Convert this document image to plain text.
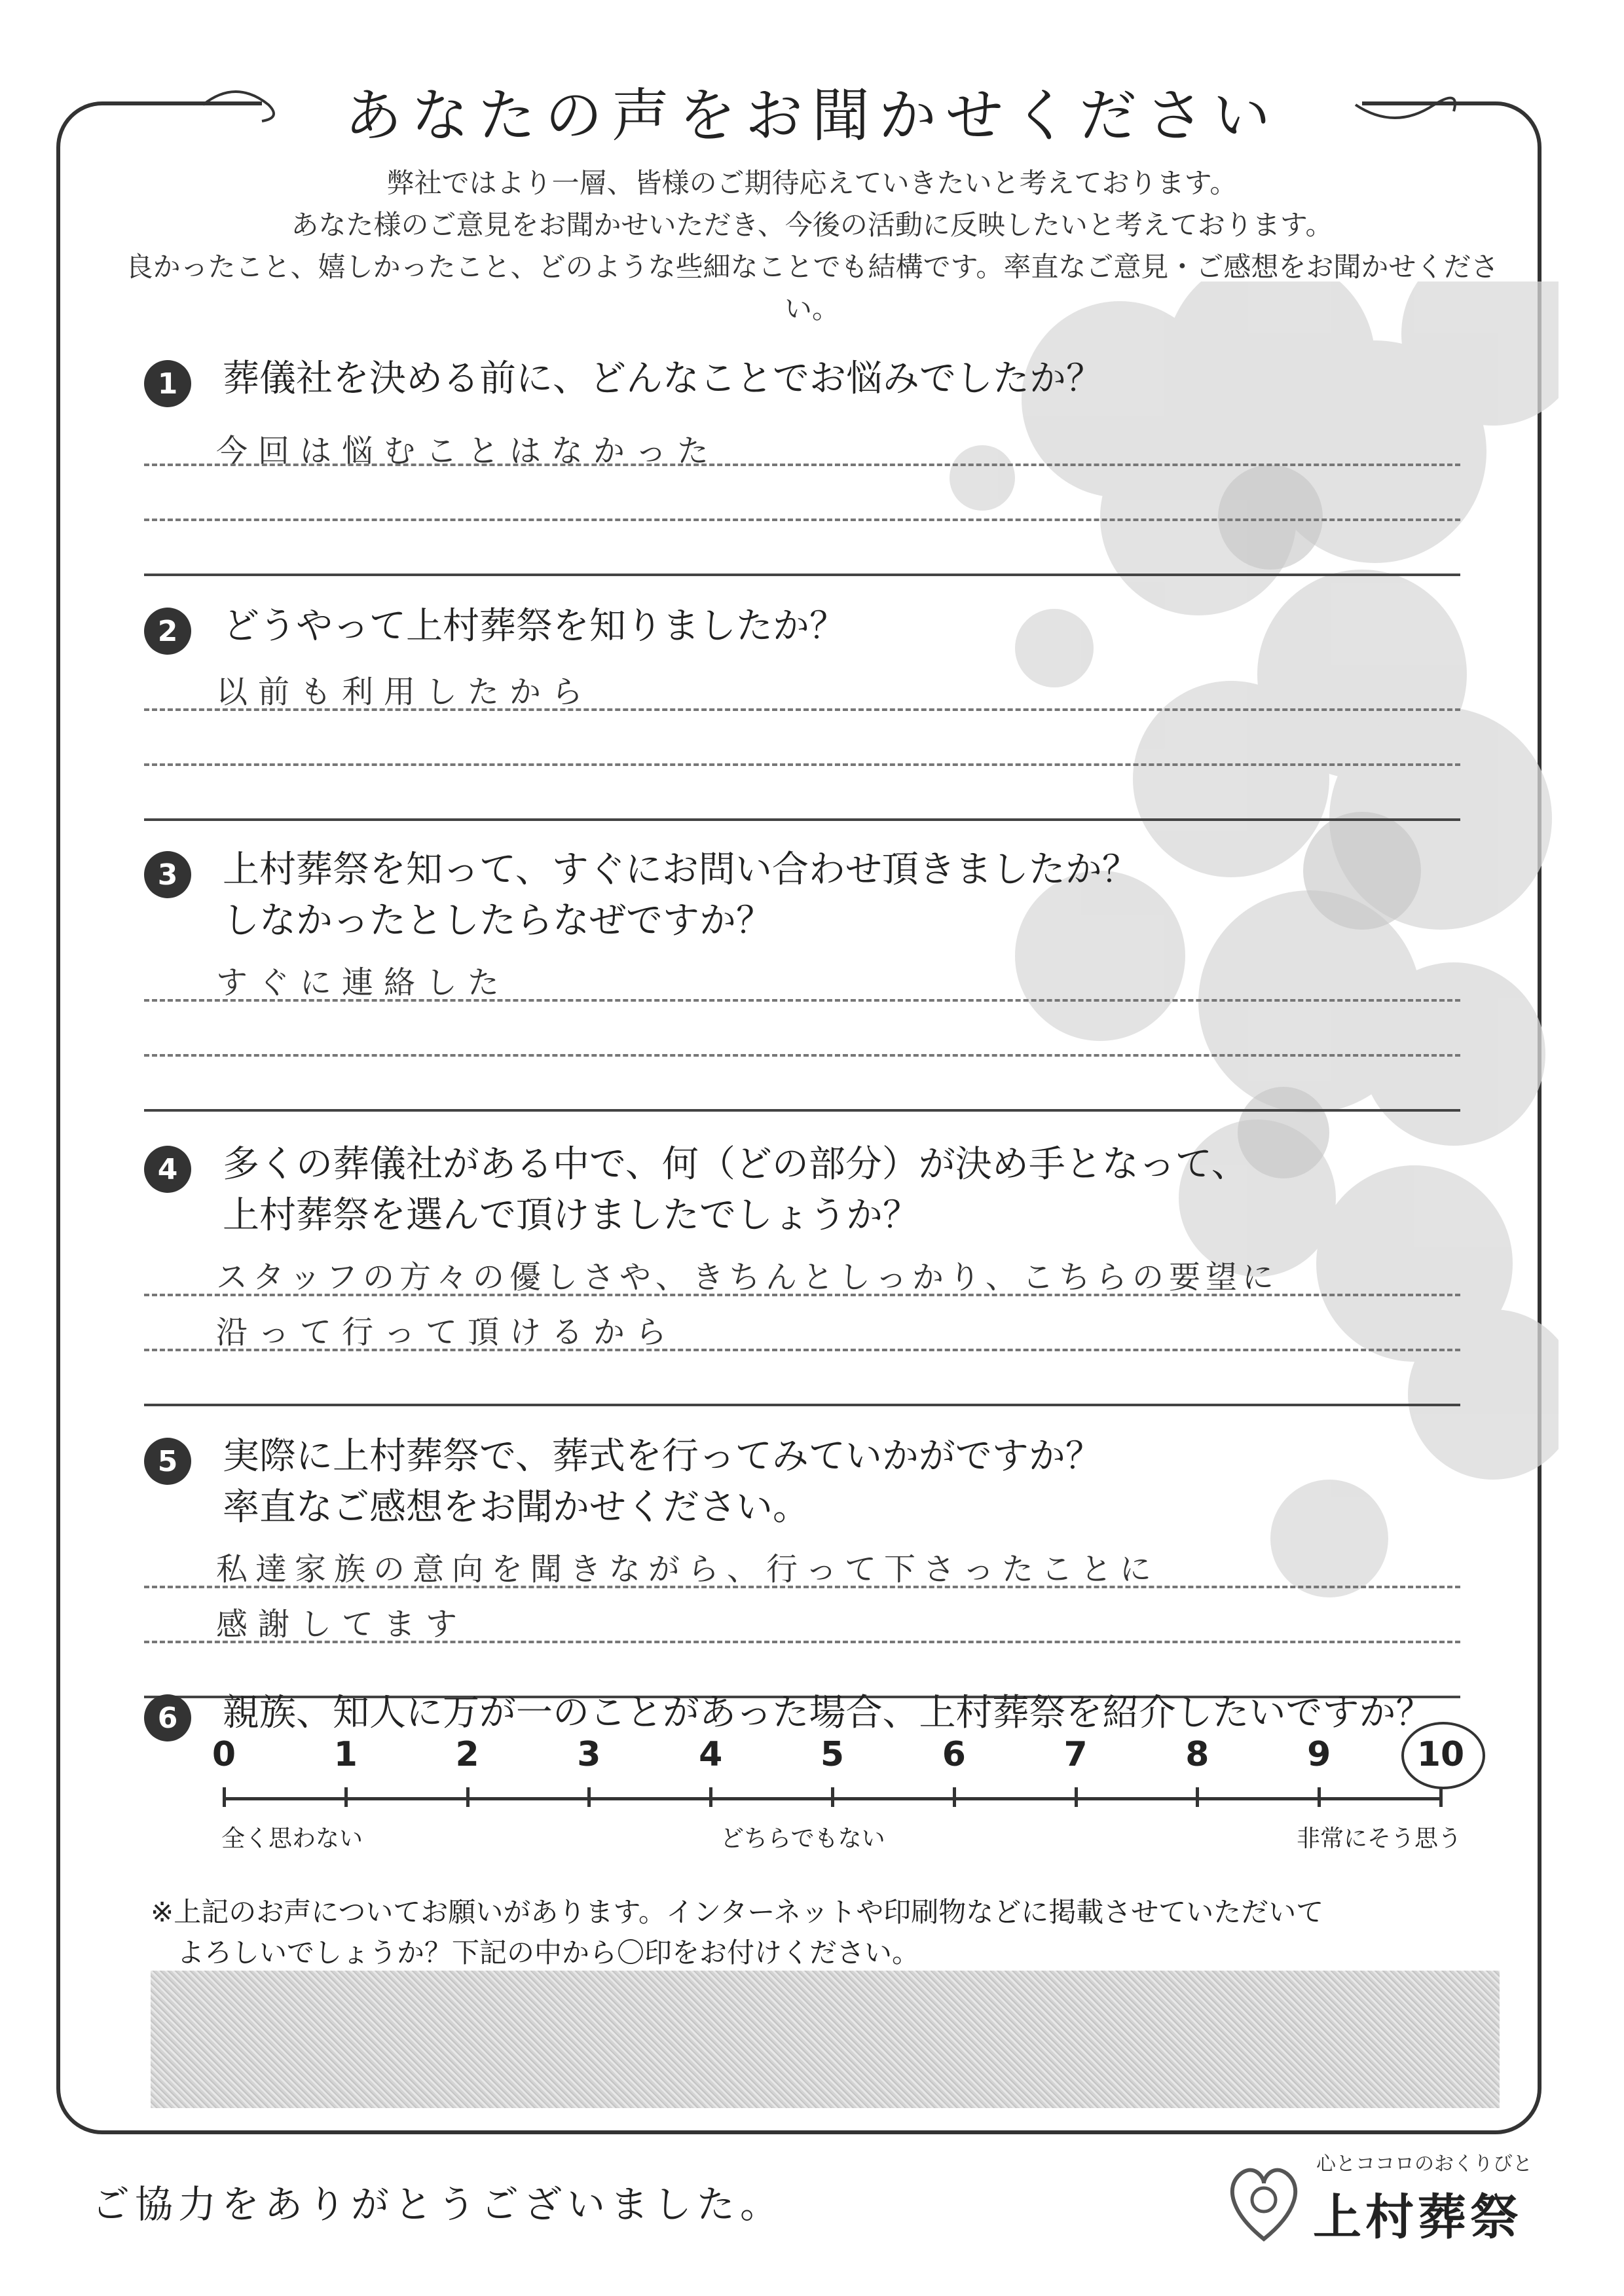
あなたの声をお聞かせください
弊社ではより一層、皆様のご期待応えていきたいと考えております。
あなた様のご意見をお聞かせいただき、今後の活動に反映したいと考えております。
良かったこと、嬉しかったこと、どのような些細なことでも結構です。率直なご意見・ご感想をお聞かせください。
1	葬儀社を決める前に、どんなことでお悩みでしたか？
今回は悩むことはなかった
2	どうやって上村葬祭を知りましたか？
以前も利用したから
3	上村葬祭を知って、すぐにお問い合わせ頂きましたか？
しなかったとしたらなぜですか？
すぐに連絡した
4	多くの葬儀社がある中で、何（どの部分）が決め手となって、
上村葬祭を選んで頂けましたでしょうか？
スタッフの方々の優しさや、きちんとしっかり、こちらの要望に
沿って行って頂けるから
5	実際に上村葬祭で、葬式を行ってみていかがですか？
率直なご感想をお聞かせください。
私達家族の意向を聞きながら、行って下さったことに
感謝してます
6	親族、知人に万が一のことがあった場合、上村葬祭を紹介したいですか？
0	1	2	3	4	5	6	7	8	9	10
全く思わない	どちらでもない	非常にそう思う
※上記のお声についてお願いがあります。インターネットや印刷物などに掲載させていただいて
よろしいでしょうか？下記の中から〇印をお付けください。
ご協力をありがとうございました。
心とココロのおくりびと
上村葬祭
